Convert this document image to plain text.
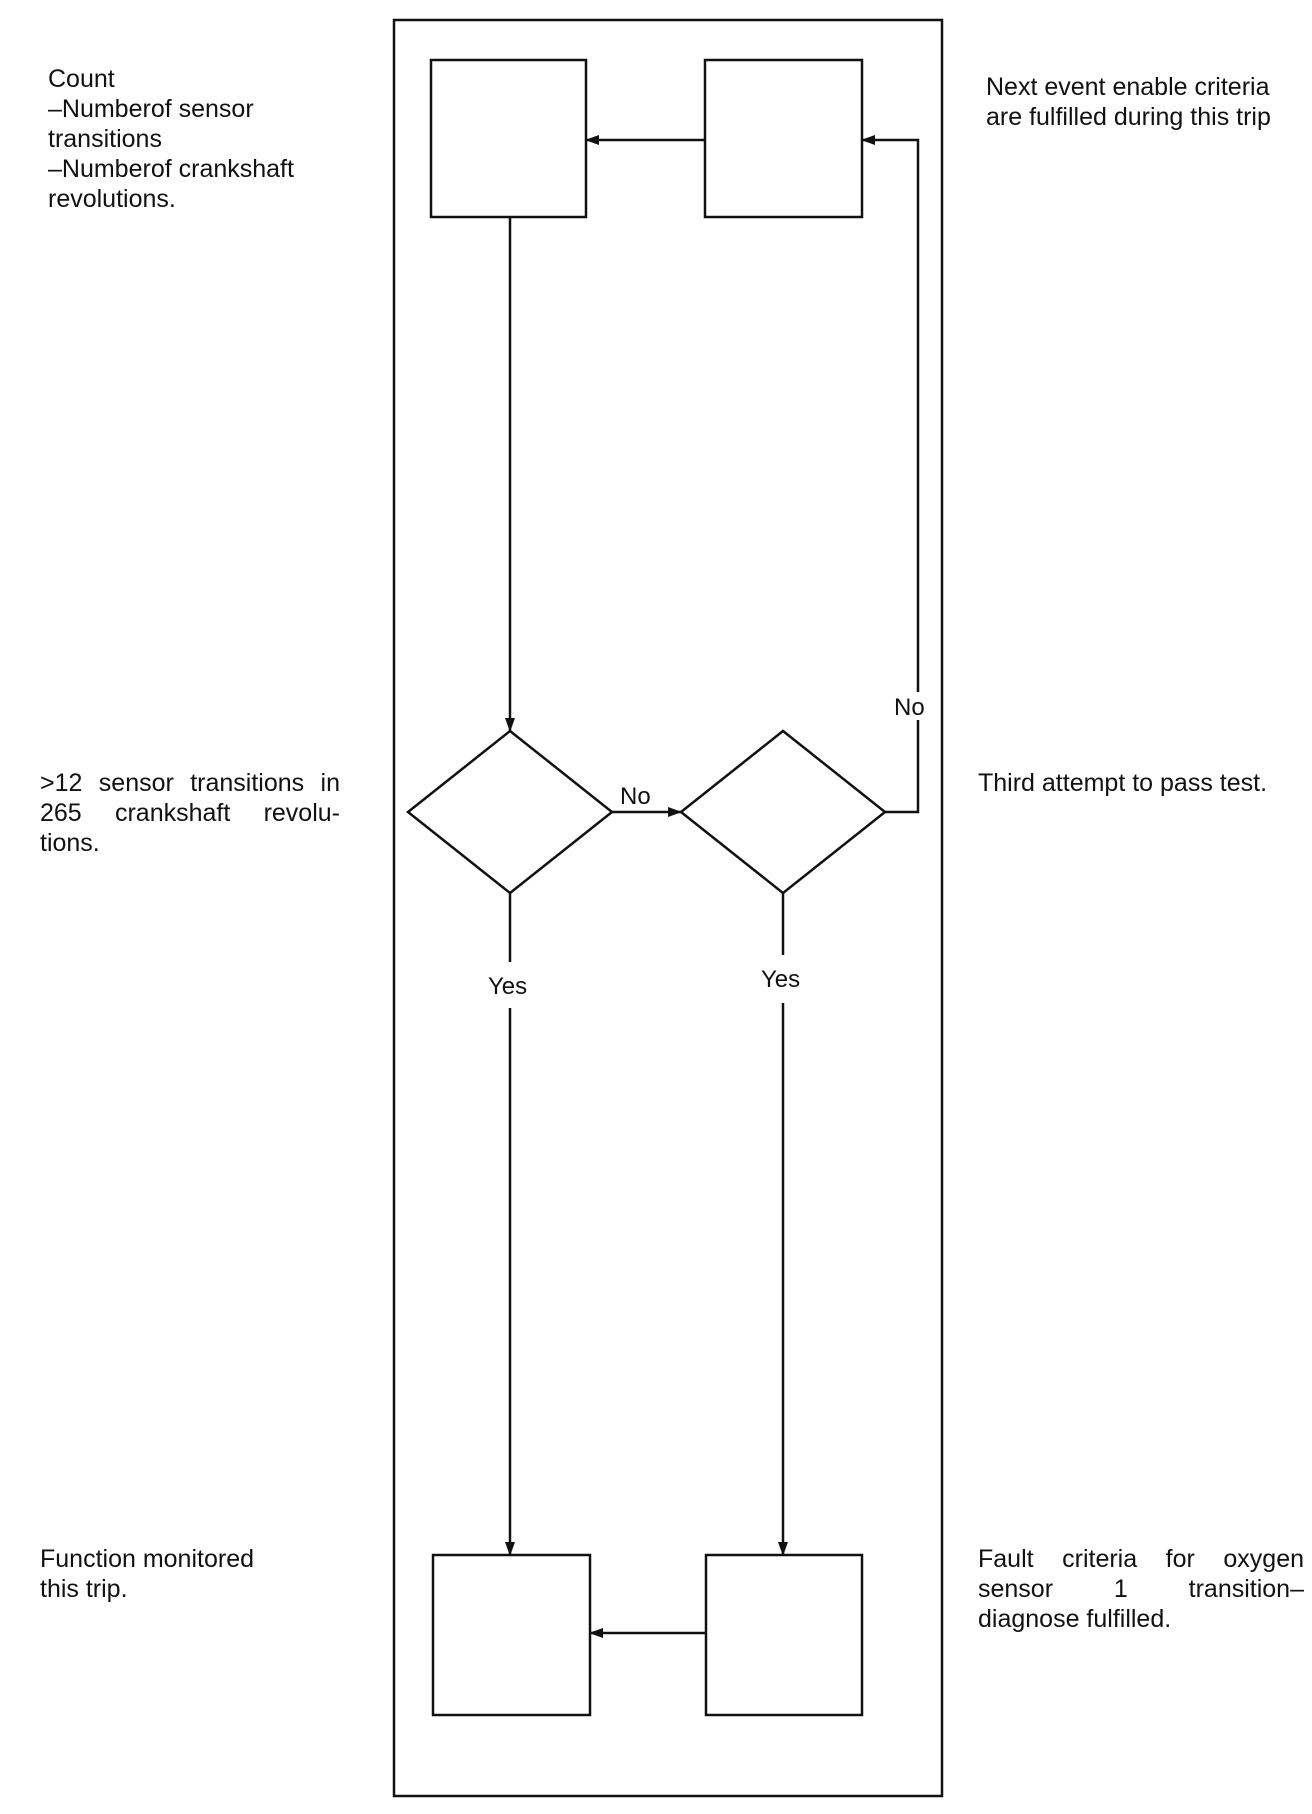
Count
–Numberof sensor
transitions
–Numberof crankshaft
revolutions.
>12 sensor transitions in 265 crankshaft revolu-tions.
Function monitored
this trip.
Next event enable criteria
are fulfilled during this trip
Third attempt to pass test.
Fault criteria for oxygen sensor 1 transition– diagnose fulfilled.
No
No
Yes	Yes
